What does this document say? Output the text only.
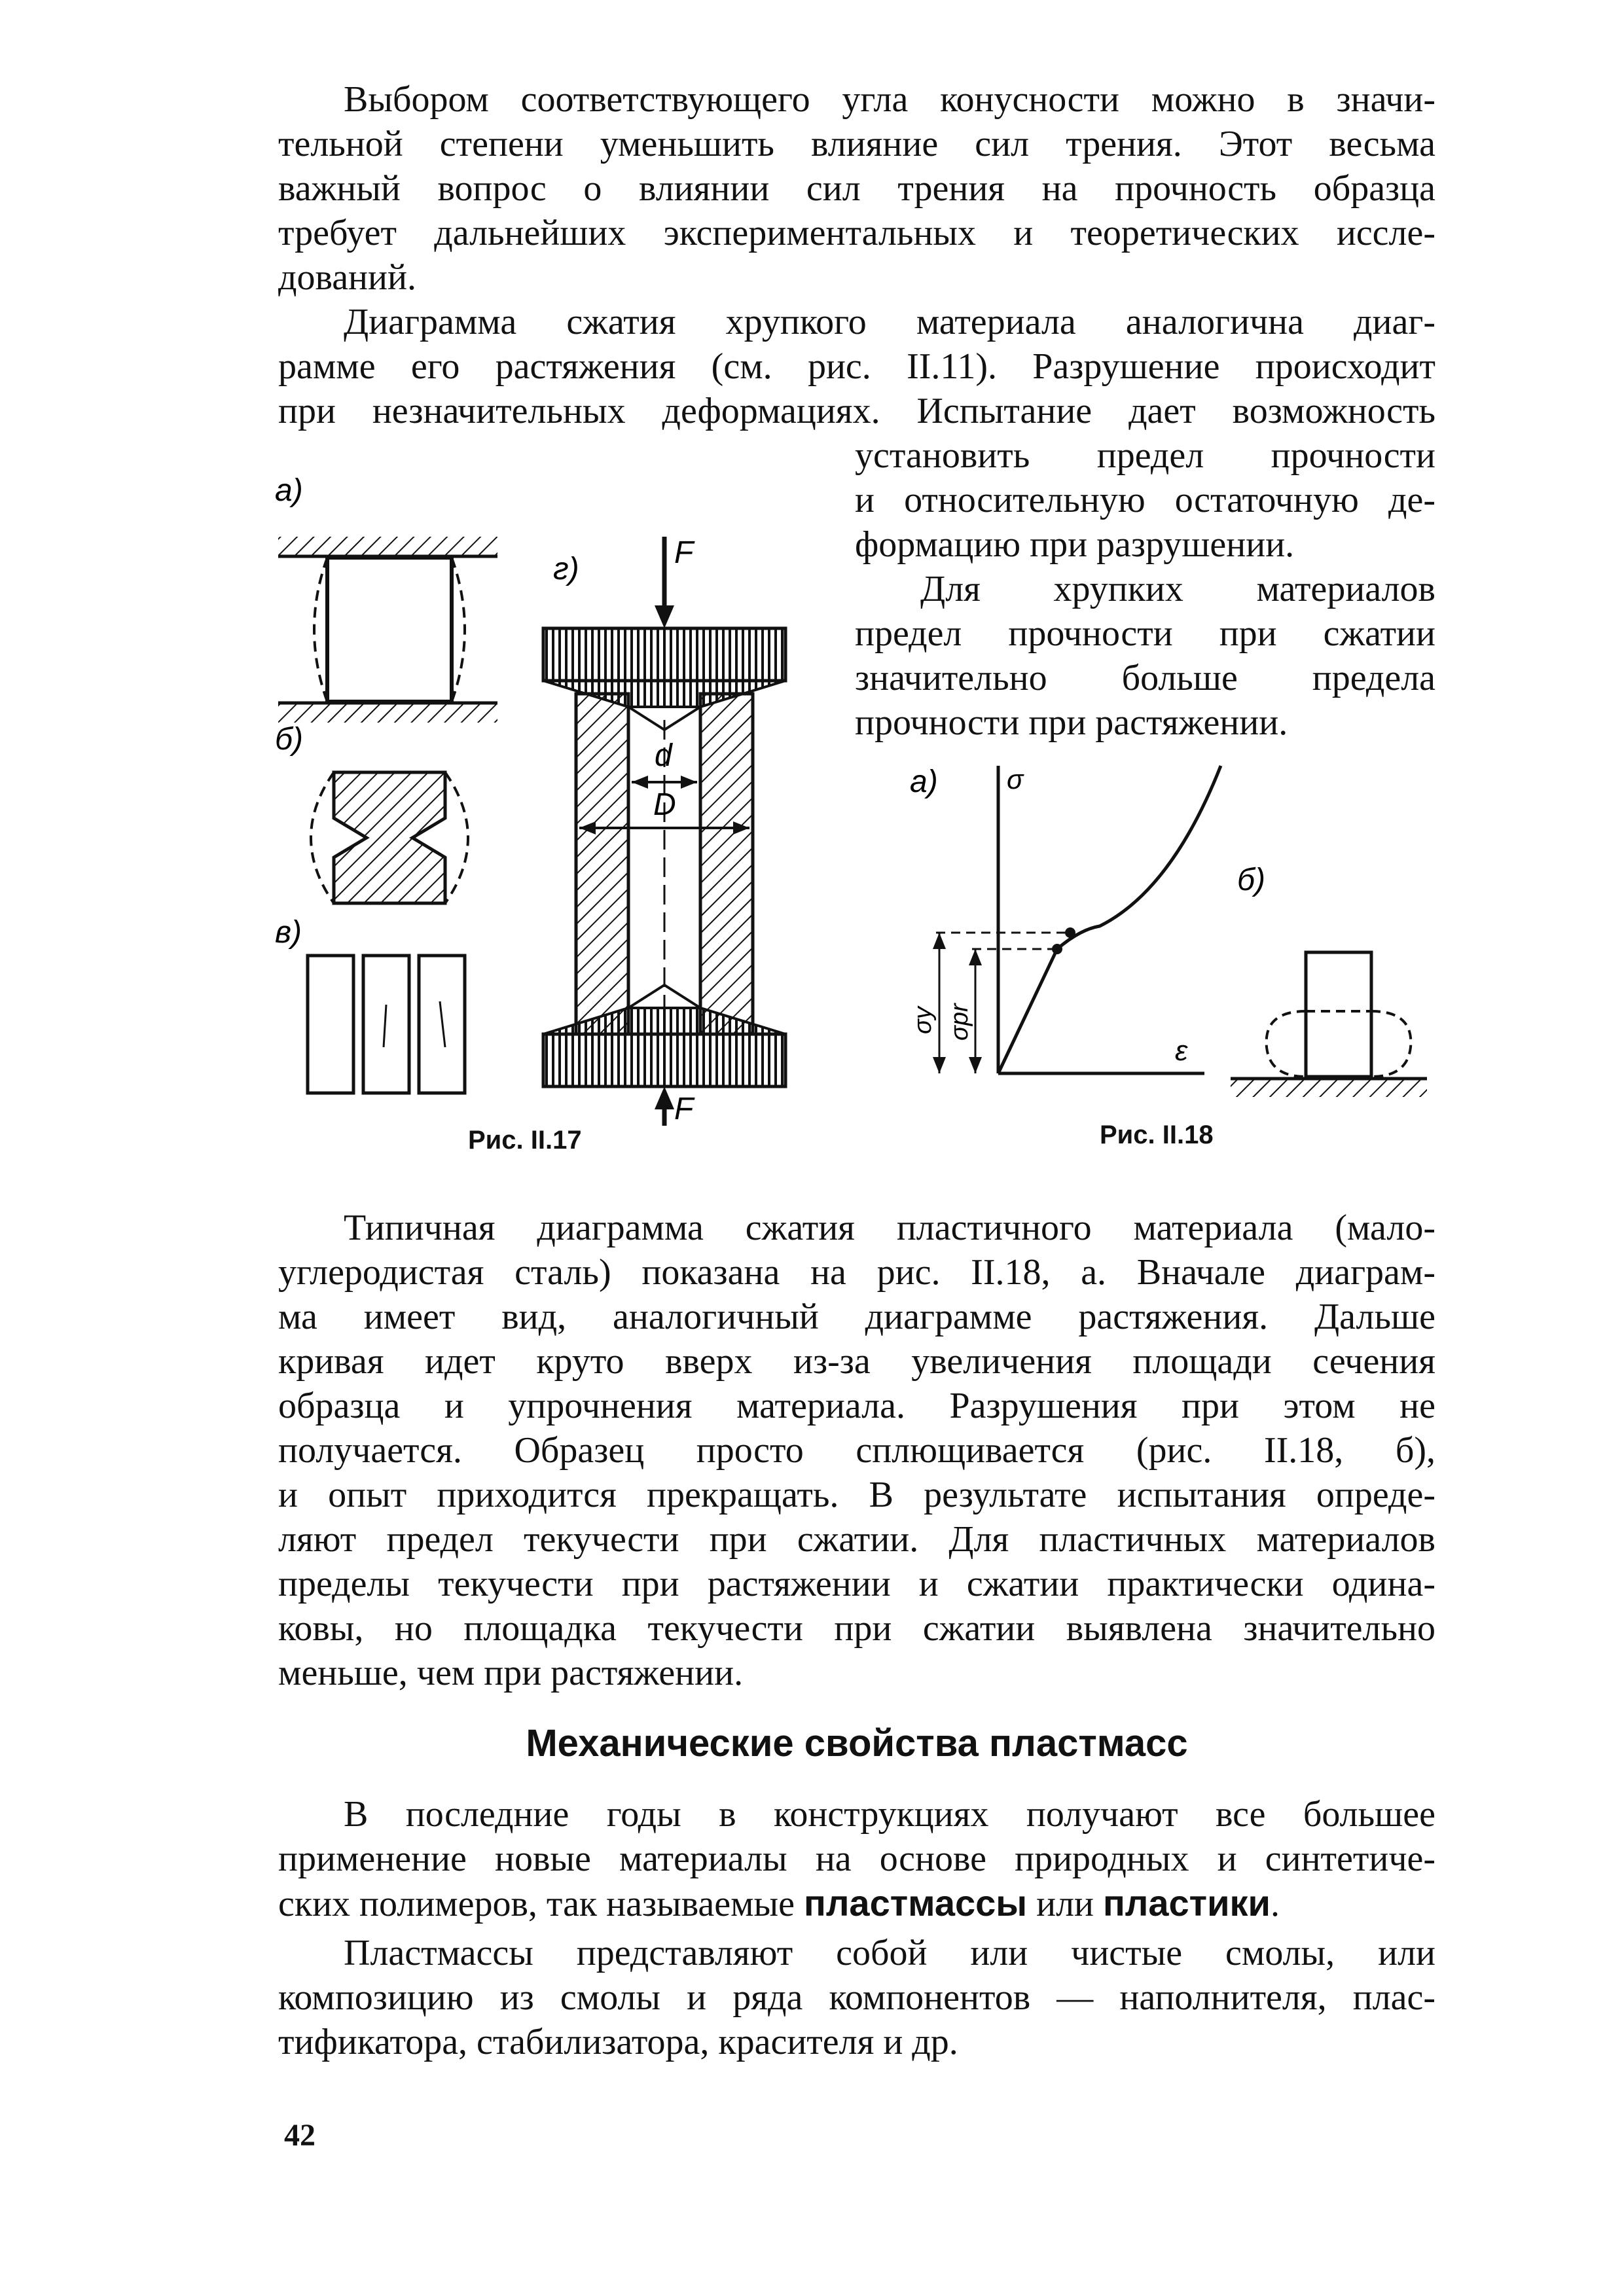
Выбором соответствующего угла конусности можно в значи-
тельной степени уменьшить влияние сил трения. Этот весьма
важный вопрос о влиянии сил трения на прочность образца
требует дальнейших экспериментальных и теоретических иссле-
дований.
Диаграмма сжатия хрупкого материала аналогична диаг-
рамме его растяжения (см. рис. II.11). Разрушение происходит
при незначительных деформациях. Испытание дает возможность
установить предел прочности
и относительную остаточную де-
формацию при разрушении.
Для хрупких материалов
предел прочности при сжатии
значительно больше предела
прочности при растяжении.
а)
б)
в)
г)	F
d
D
F
Рис. II.17
а)	σ
ε
σy σpr
б)
Рис. II.18
Типичная диаграмма сжатия пластичного материала (мало-
углеродистая сталь) показана на рис. II.18, а. Вначале диаграм-
ма имеет вид, аналогичный диаграмме растяжения. Дальше
кривая идет круто вверх из-за увеличения площади сечения
образца и упрочнения материала. Разрушения при этом не
получается. Образец просто сплющивается (рис. II.18, б),
и опыт приходится прекращать. В результате испытания опреде-
ляют предел текучести при сжатии. Для пластичных материалов
пределы текучести при растяжении и сжатии практически одина-
ковы, но площадка текучести при сжатии выявлена значительно
меньше, чем при растяжении.
Механические свойства пластмасс
В последние годы в конструкциях получают все большее
применение новые материалы на основе природных и синтетиче-
ских полимеров, так называемые пластмассы или пластики.
Пластмассы представляют собой или чистые смолы, или
композицию из смолы и ряда компонентов — наполнителя, плас-
тификатора, стабилизатора, красителя и др.
42
